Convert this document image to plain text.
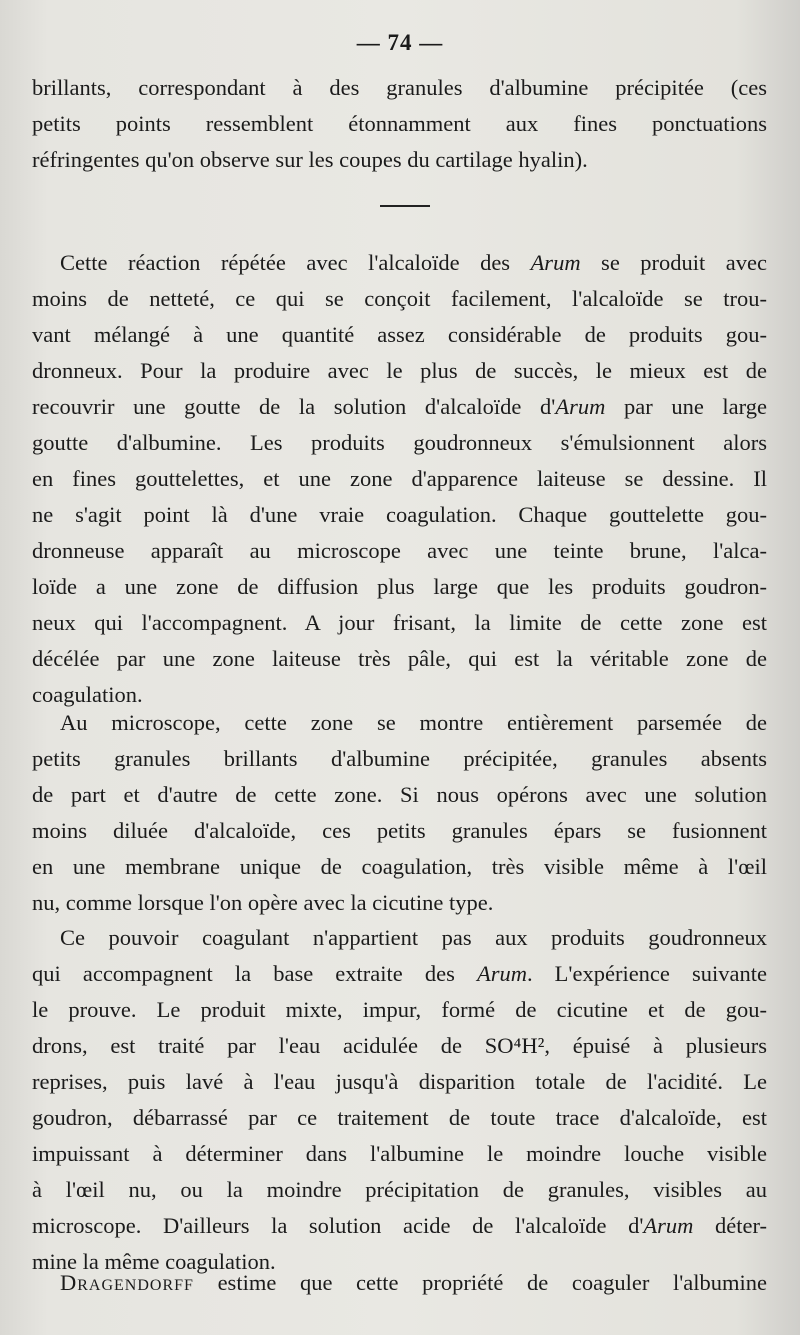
— 74 —
brillants, correspondant à des granules d'albumine précipitée (ces
petits points ressemblent étonnamment aux fines ponctuations
réfringentes qu'on observe sur les coupes du cartilage hyalin).
Cette réaction répétée avec l'alcaloïde des Arum se produit avec
moins de netteté, ce qui se conçoit facilement, l'alcaloïde se trou-
vant mélangé à une quantité assez considérable de produits gou-
dronneux. Pour la produire avec le plus de succès, le mieux est de
recouvrir une goutte de la solution d'alcaloïde d'Arum par une large
goutte d'albumine. Les produits goudronneux s'émulsionnent alors
en fines gouttelettes, et une zone d'apparence laiteuse se dessine. Il
ne s'agit point là d'une vraie coagulation. Chaque gouttelette gou-
dronneuse apparaît au microscope avec une teinte brune, l'alca-
loïde a une zone de diffusion plus large que les produits goudron-
neux qui l'accompagnent. A jour frisant, la limite de cette zone est
décélée par une zone laiteuse très pâle, qui est la véritable zone de
coagulation.
Au microscope, cette zone se montre entièrement parsemée de
petits granules brillants d'albumine précipitée, granules absents
de part et d'autre de cette zone. Si nous opérons avec une solution
moins diluée d'alcaloïde, ces petits granules épars se fusionnent
en une membrane unique de coagulation, très visible même à l'œil
nu, comme lorsque l'on opère avec la cicutine type.
Ce pouvoir coagulant n'appartient pas aux produits goudronneux
qui accompagnent la base extraite des Arum. L'expérience suivante
le prouve. Le produit mixte, impur, formé de cicutine et de gou-
drons, est traité par l'eau acidulée de SO⁴H², épuisé à plusieurs
reprises, puis lavé à l'eau jusqu'à disparition totale de l'acidité. Le
goudron, débarrassé par ce traitement de toute trace d'alcaloïde, est
impuissant à déterminer dans l'albumine le moindre louche visible
à l'œil nu, ou la moindre précipitation de granules, visibles au
microscope. D'ailleurs la solution acide de l'alcaloïde d'Arum déter-
mine la même coagulation.
Dragendorff estime que cette propriété de coaguler l'albumine
